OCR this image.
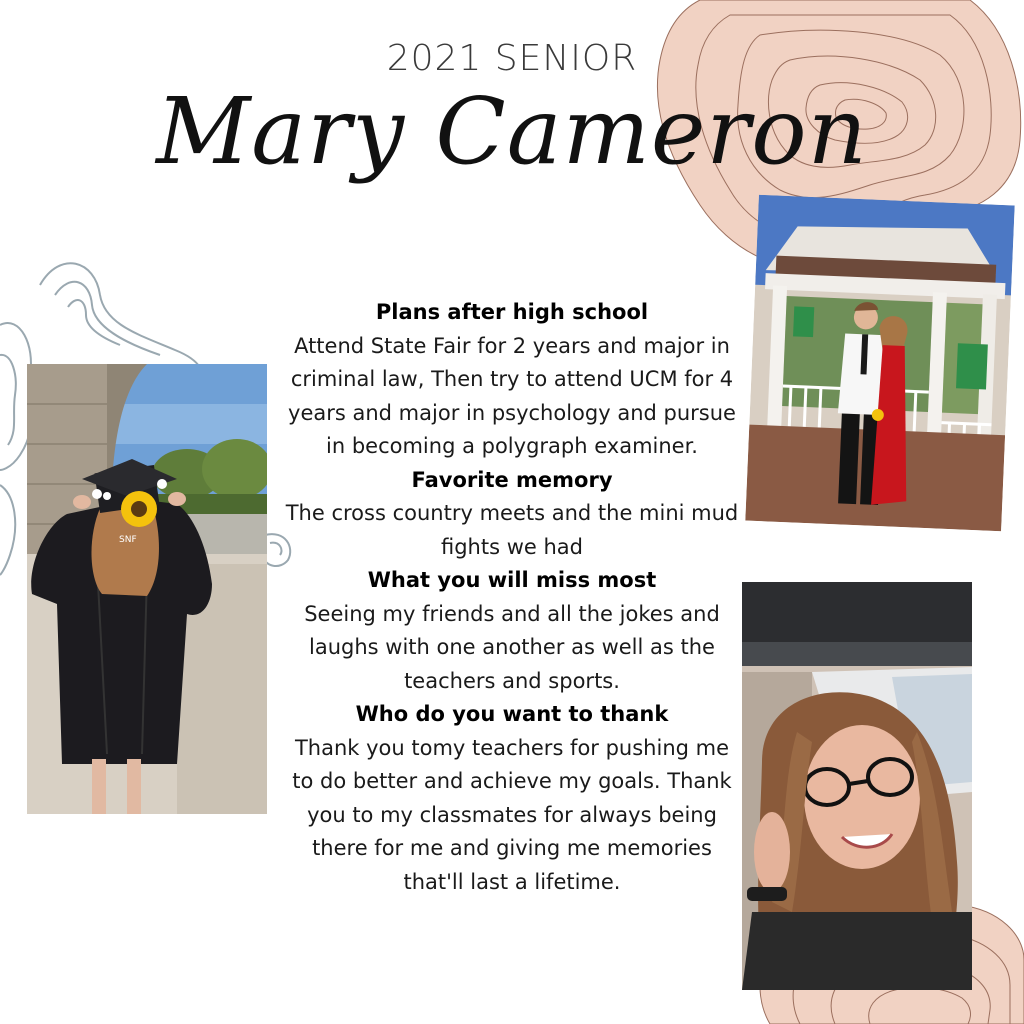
2021 SENIOR
Mary Cameron
SNF

Plans after high school

Attend State Fair for 2 years and major in criminal law, Then try to attend UCM for 4 years and major in psychology and pursue in becoming a polygraph examiner.

Favorite memory

The cross country meets and the mini mud fights we had

What you will miss most

Seeing my friends and all the jokes and laughs with one another as well as the teachers and sports.

Who do you want to thank

Thank you tomy teachers for pushing me to do better and achieve my goals. Thank you to my classmates for always being there for me and giving me memories that'll last a lifetime.
